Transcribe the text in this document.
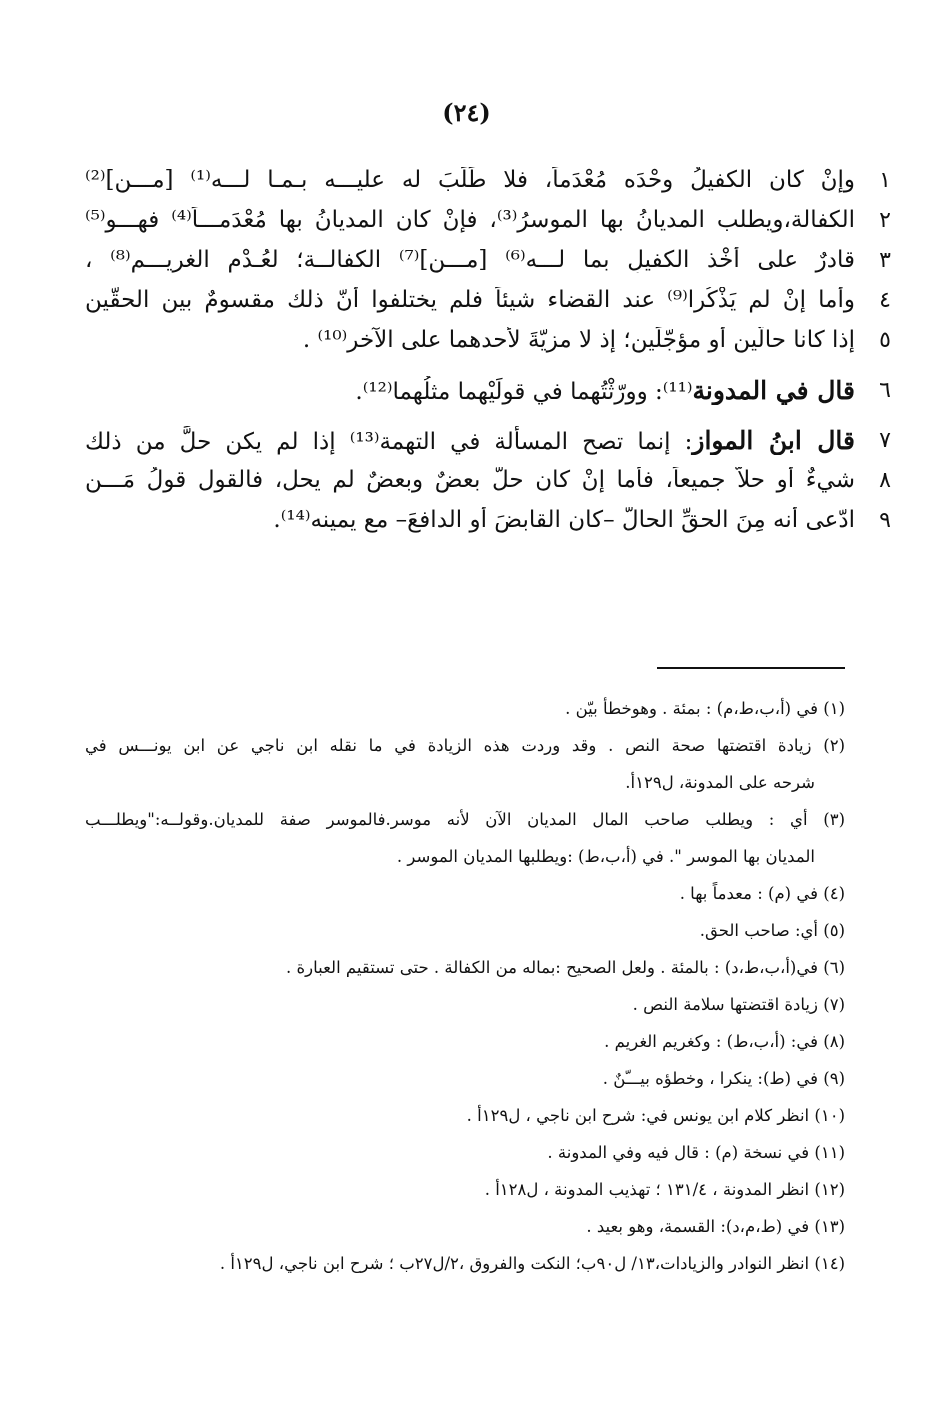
(٢٤)
١
وإنْ كان الكفيلُ وحْدَه مُعْدَماً، فلا طَلَبَ له عليـــه بـمـا لـــه⁽¹⁾ [مـــن]⁽²⁾
٢
الكفالة،ويطلب المديانُ بها الموسرُ⁽³⁾، فإنْ كان المديانُ بها مُعْدَمـــاً⁽⁴⁾ فهـــو⁽⁵⁾
٣
قادرٌ على أخْذ الكفيلِ بما لـــه⁽⁶⁾ [مـــن]⁽⁷⁾ الكفالــة؛ لعُـدْمِ الغريـــم⁽⁸⁾ ،
٤
وأما إنْ لم يَذْكُرا⁽⁹⁾ عند القضاء شيئاً فلم يختلفوا أنّ ذلك مقسومٌ بين الحقّين
٥
إذا كانا حالّين أو مؤجّلَين؛ إذ لا مزيّةَ لأحدهما على الآخر⁽¹⁰⁾ .
٦
قال في المدونة⁽¹¹⁾: وورّثْتُهما في قولَيْهما مثلُهما⁽¹²⁾.
٧
قال ابنُ المواز: إنما تصح المسألة في التهمة⁽¹³⁾ إذا لم يكن حلَّ من ذلك
٨
شيءٌ أو حلاّ جميعاً، فأما إنْ كان حلّ بعضٌ وبعضٌ لم يحل، فالقول قولُ مَـــنِ
٩
ادّعى أنه مِنَ الحقِّ الحالّ –كان القابضَ أو الدافعَ– مع يمينه⁽¹⁴⁾.
(١) في (أ،ب،ط،م) : بمئة . وهوخطأ بيّن .
(٢) زيادة اقتضتها صحة النص . وقد وردت هذه الزيادة في ما نقله ابن ناجي عن ابن يونـــس في
شرحه على المدونة، ل١٢٩أ.
(٣) أي : ويطلب صاحب المال المديان الآن لأنه موسر.فالموسر صفة للمديان.وقولــه:"ويطلـــب
المديان بها الموسر ". في (أ،ب،ط) :ويطلبها المديان الموسر .
(٤) في (م) : معدماً بها .
(٥) أي: صاحب الحق.
(٦) في(أ،ب،ط،د) : بالمئة . ولعل الصحيح :بماله من الكفالة . حتى تستقيم العبارة .
(٧) زيادة اقتضتها سلامة النص .
(٨) في: (أ،ب،ط) : وكغريم الغريم .
(٩) في (ط): ينكرا ، وخطؤه بيـــّنٌ .
(١٠) انظر كلام ابن يونس في: شرح ابن ناجي ، ل١٢٩أ .
(١١) في نسخة (م) : قال فيه وفي المدونة .
(١٢) انظر المدونة ، ١٣١/٤ ؛ تهذيب المدونة ، ل١٢٨أ .
(١٣) في (ط،م،د): القسمة، وهو بعيد .
(١٤) انظر النوادر والزيادات،١٣/ ل٩٠ب؛ النكت والفروق ،٢/ل٢٧ب ؛ شرح ابن ناجي، ل١٢٩أ .
